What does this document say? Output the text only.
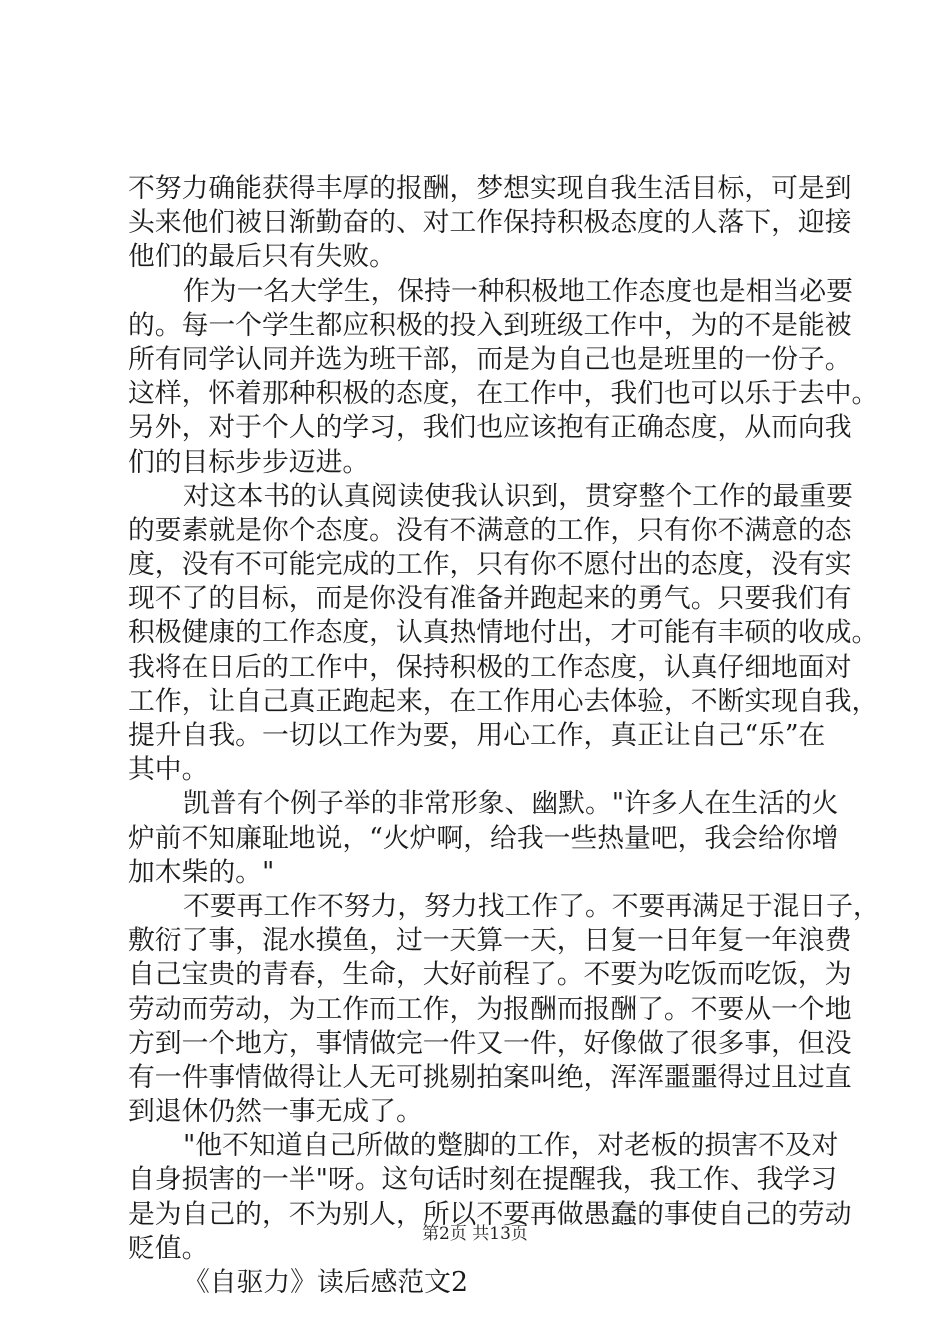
不努力确能获得丰厚的报酬，梦想实现自我生活目标，可是到
头来他们被日渐勤奋的、对工作保持积极态度的人落下，迎接
他们的最后只有失败。
作为一名大学生，保持一种积极地工作态度也是相当必要
的。每一个学生都应积极的投入到班级工作中，为的不是能被
所有同学认同并选为班干部，而是为自己也是班里的一份子。
这样，怀着那种积极的态度，在工作中，我们也可以乐于去中。
另外，对于个人的学习，我们也应该抱有正确态度，从而向我
们的目标步步迈进。
对这本书的认真阅读使我认识到，贯穿整个工作的最重要
的要素就是你个态度。没有不满意的工作，只有你不满意的态
度，没有不可能完成的工作，只有你不愿付出的态度，没有实
现不了的目标，而是你没有准备并跑起来的勇气。只要我们有
积极健康的工作态度，认真热情地付出，才可能有丰硕的收成。
我将在日后的工作中，保持积极的工作态度，认真仔细地面对
工作，让自己真正跑起来，在工作用心去体验，不断实现自我，
提升自我。一切以工作为要，用心工作，真正让自己“乐”在
其中。
凯普有个例子举的非常形象、幽默。"许多人在生活的火
炉前不知廉耻地说，“火炉啊，给我一些热量吧，我会给你增
加木柴的。"
不要再工作不努力，努力找工作了。不要再满足于混日子，
敷衍了事，混水摸鱼，过一天算一天，日复一日年复一年浪费
自己宝贵的青春，生命，大好前程了。不要为吃饭而吃饭，为
劳动而劳动，为工作而工作，为报酬而报酬了。不要从一个地
方到一个地方，事情做完一件又一件，好像做了很多事，但没
有一件事情做得让人无可挑剔拍案叫绝，浑浑噩噩得过且过直
到退休仍然一事无成了。
"他不知道自己所做的蹩脚的工作，对老板的损害不及对
自身损害的一半"呀。这句话时刻在提醒我，我工作、我学习
是为自己的，不为别人，所以不要再做愚蠢的事使自己的劳动
贬值。
《自驱力》读后感范文2
第2页 共13页
